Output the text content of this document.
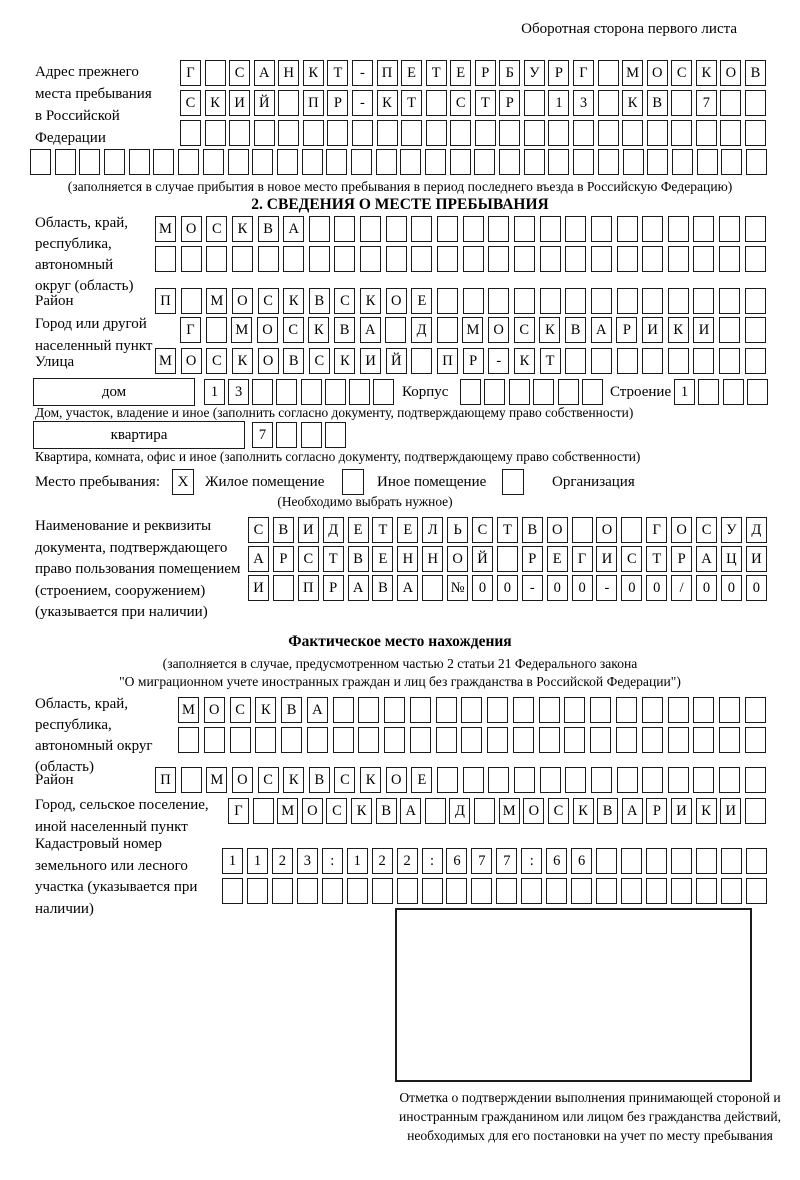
Оборотная сторона первого листа
Адрес прежнего места пребывания в Российской Федерации
Г	С А Н К	Т	-	П	Е	Т	Е	Р	Б	У	Р	Г	М О С	К О В
С	К И Й	П	Р	-	К	Т	С	Т	Р	1	3	К	В	7
(заполняется в случае прибытия в новое место пребывания в период последнего въезда в Российскую Федерацию)
2. СВЕДЕНИЯ О МЕСТЕ ПРЕБЫВАНИЯ
Область, край, республика, автономный округ (область)
М О	С	К	В	А
Район	П	М О	С	К	В	С	К	О	Е
Город или другой населенный пункт
Г	М О	С	К	В	А	Д	М О	С	К	В	А	Р	И	К	И
Улица	М О	С	К	О	В	С	К	И	Й	П	Р	-	К	Т
дом	1	3	Корпус	Строение 1
Дом, участок, владение и иное (заполнить согласно документу, подтверждающему право собственности)
квартира	7
Квартира, комната, офис и иное (заполнить согласно документу, подтверждающему право собственности)
Место пребывания:	X	Жилое помещение	Иное помещение	Организация
(Необходимо выбрать нужное)
Наименование и реквизиты документа, подтверждающего право пользования помещением (строением, сооружением) (указывается при наличии)
С	В	И	Д	Е	Т	Е	Л	Ь	С	Т	В	О	О	Г	О	С	У	Д
А	Р	С	Т	В	Е	Н Н О Й	Р	Е	Г	И	С	Т	Р	А Ц И
И	П	Р	А	В	А	№ 0	0	-	0	0	-	0	0	/	0	0	0
Фактическое место нахождения
(заполняется в случае, предусмотренном частью 2 статьи 21 Федерального закона
"О миграционном учете иностранных граждан и лиц без гражданства в Российской Федерации")
Область, край, республика, автономный округ (область)
М О	С	К	В	А
Район	П	М О	С	К	В	С	К	О	Е
Город, сельское поселение, иной населенный пункт
Г	М О	С	К	В	А	Д	М О	С	К	В	А	Р	И	К	И
Кадастровый номер земельного или лесного участка (указывается при наличии)
1	1	2	3	:	1	2	2	:	6	7	7	:	6	6
Отметка о подтверждении выполнения принимающей стороной и иностранным гражданином или лицом без гражданства действий, необходимых для его постановки на учет по месту пребывания
